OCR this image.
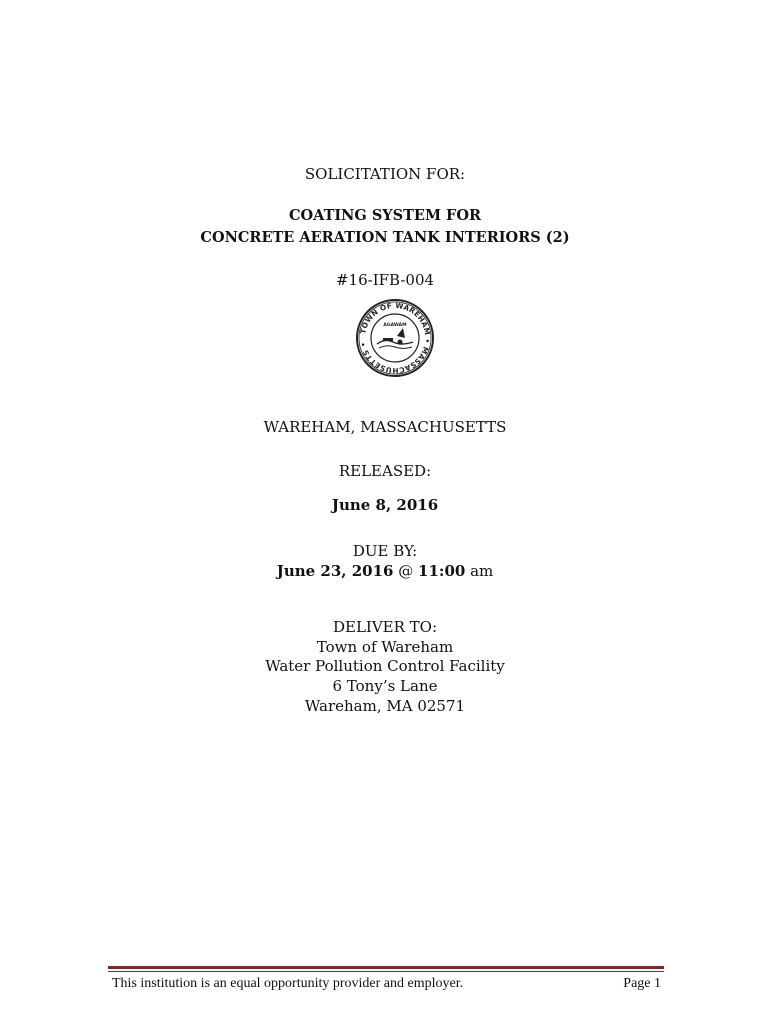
SOLICITATION FOR:
COATING SYSTEM FOR
CONCRETE AERATION TANK INTERIORS (2)
#16-IFB-004
TOWN OF WAREHAM • MASSACHUSETTS •
AGAWAM
WAREHAM, MASSACHUSETTS
RELEASED:
June 8, 2016
DUE BY:
June 23, 2016 @ 11:00 am
DELIVER TO:
Town of Wareham
Water Pollution Control Facility
6 Tony’s Lane
Wareham, MA 02571
This institution is an equal opportunity provider and employer.	Page 1
